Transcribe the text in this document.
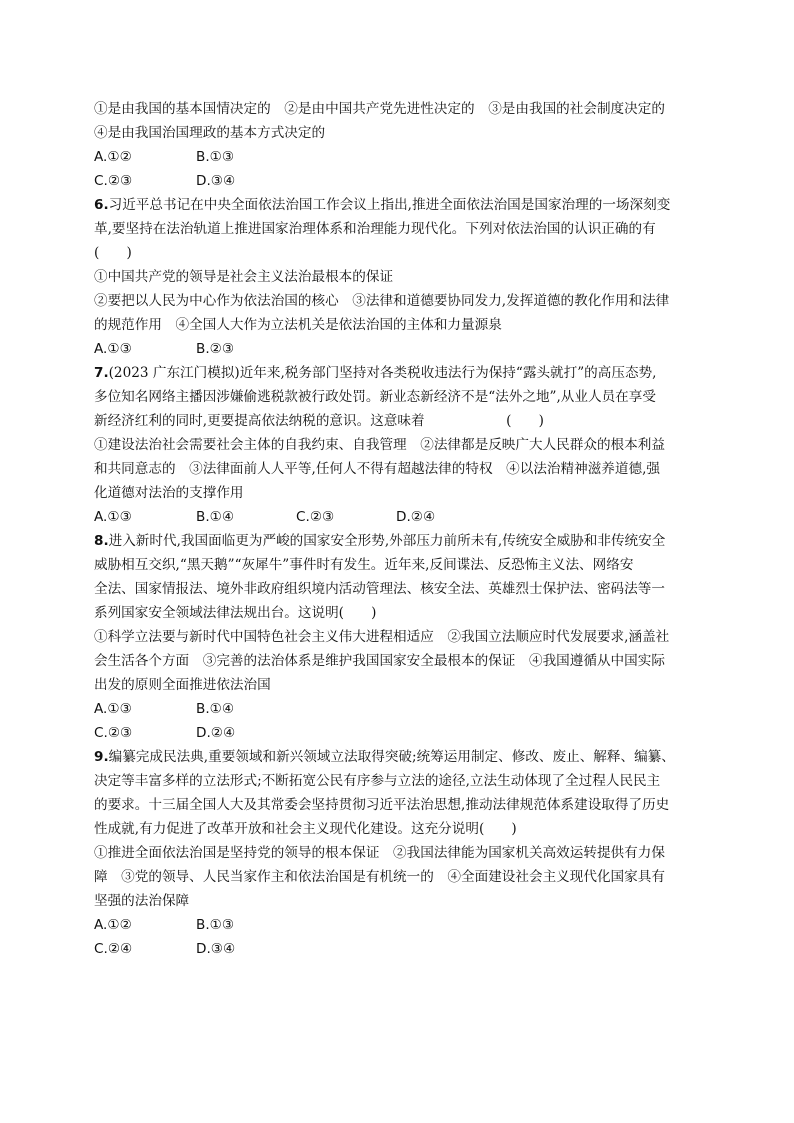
①是由我国的基本国情决定的　②是由中国共产党先进性决定的　③是由我国的社会制度决定的
④是由我国治国理政的基本方式决定的
A.①②	B.①③
C.②③	D.③④
6.习近平总书记在中央全面依法治国工作会议上指出,推进全面依法治国是国家治理的一场深刻变
革,要坚持在法治轨道上推进国家治理体系和治理能力现代化。下列对依法治国的认识正确的有
(　　)
①中国共产党的领导是社会主义法治最根本的保证
②要把以人民为中心作为依法治国的核心　③法律和道德要协同发力,发挥道德的教化作用和法律
的规范作用　④全国人大作为立法机关是依法治国的主体和力量源泉
A.①③	B.②③
7.(2023 广东江门模拟)近年来,税务部门坚持对各类税收违法行为保持“露头就打”的高压态势,
多位知名网络主播因涉嫌偷逃税款被行政处罚。新业态新经济不是“法外之地”,从业人员在享受
新经济红利的同时,更要提高依法纳税的意识。这意味着　　　　　　(　　)
①建设法治社会需要社会主体的自我约束、自我管理　②法律都是反映广大人民群众的根本利益
和共同意志的　③法律面前人人平等,任何人不得有超越法律的特权　④以法治精神滋养道德,强
化道德对法治的支撑作用
A.①③	B.①④	C.②③	D.②④
8.进入新时代,我国面临更为严峻的国家安全形势,外部压力前所未有,传统安全威胁和非传统安全
威胁相互交织,“黑天鹅”“灰犀牛”事件时有发生。近年来,反间谍法、反恐怖主义法、网络安
全法、国家情报法、境外非政府组织境内活动管理法、核安全法、英雄烈士保护法、密码法等一
系列国家安全领域法律法规出台。这说明(　　)
①科学立法要与新时代中国特色社会主义伟大进程相适应　②我国立法顺应时代发展要求,涵盖社
会生活各个方面　③完善的法治体系是维护我国国家安全最根本的保证　④我国遵循从中国实际
出发的原则全面推进依法治国
A.①③	B.①④
C.②③	D.②④
9.编纂完成民法典,重要领域和新兴领域立法取得突破;统筹运用制定、修改、废止、解释、编纂、
决定等丰富多样的立法形式;不断拓宽公民有序参与立法的途径,立法生动体现了全过程人民民主
的要求。十三届全国人大及其常委会坚持贯彻习近平法治思想,推动法律规范体系建设取得了历史
性成就,有力促进了改革开放和社会主义现代化建设。这充分说明(　　)
①推进全面依法治国是坚持党的领导的根本保证　②我国法律能为国家机关高效运转提供有力保
障　③党的领导、人民当家作主和依法治国是有机统一的　④全面建设社会主义现代化国家具有
坚强的法治保障
A.①②	B.①③
C.②④	D.③④
